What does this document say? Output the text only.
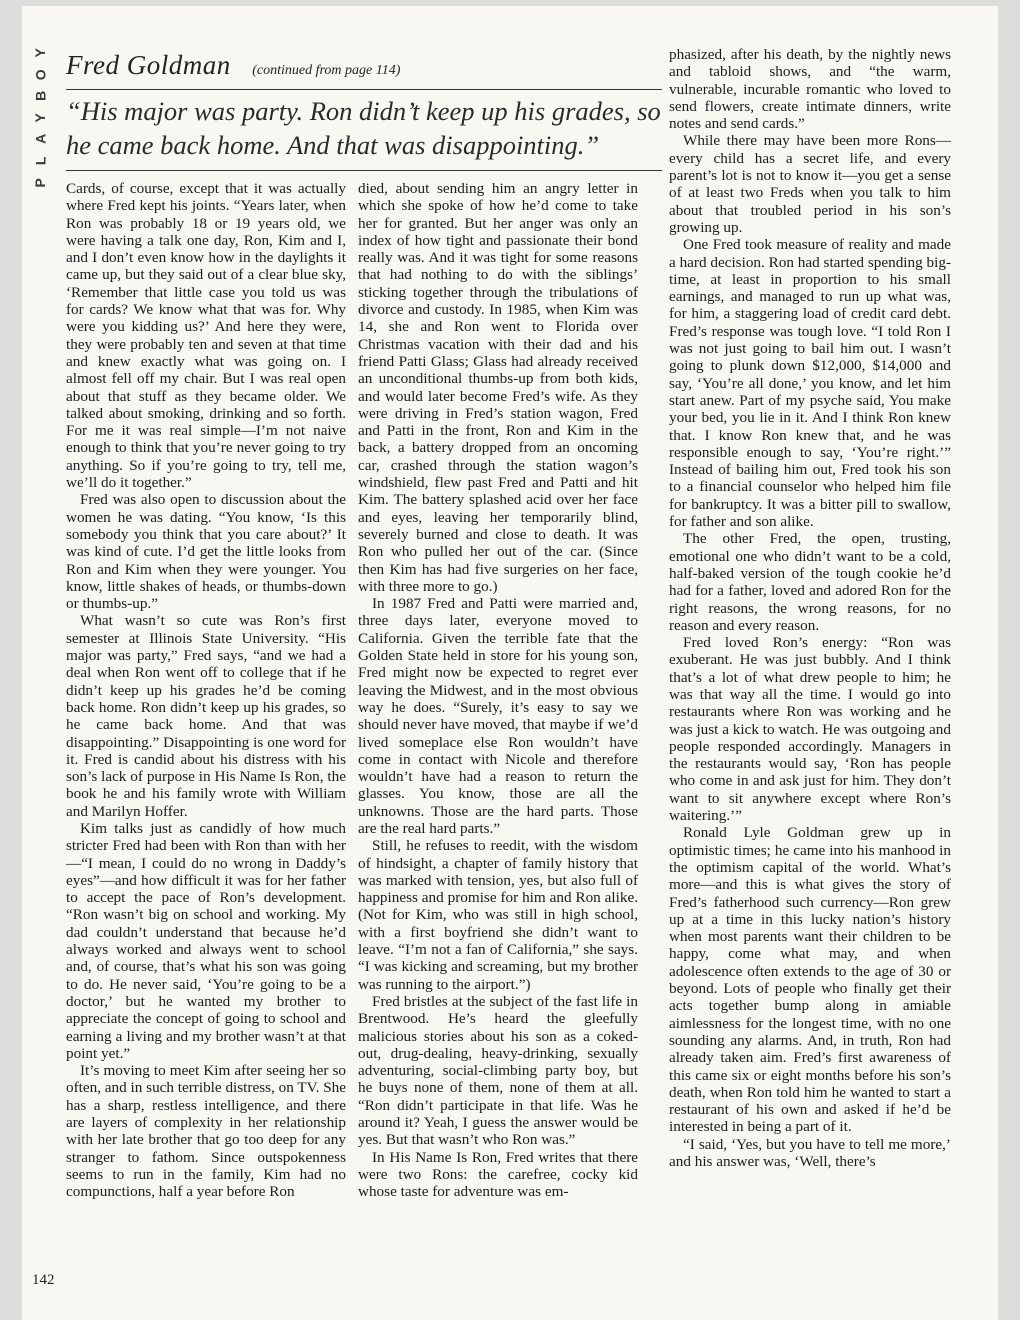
Y
O
B
Y
A
L
P
Fred Goldman (continued from page 114)
“His major was party. Ron didn’t keep up his grades, so he came back home. And that was disappointing.”

Cards, of course, except that it was actually where Fred kept his joints. “Years later, when Ron was probably 18 or 19 years old, we were having a talk one day, Ron, Kim and I, and I don’t even know how in the daylights it came up, but they said out of a clear blue sky, ‘Remember that little case you told us was for cards? We know what that was for. Why were you kidding us?’ And here they were, they were probably ten and seven at that time and knew exactly what was going on. I almost fell off my chair. But I was real open about that stuff as they became older. We talked about smoking, drinking and so forth. For me it was real simple—I’m not naive enough to think that you’re never going to try anything. So if you’re going to try, tell me, we’ll do it together.”

Fred was also open to discussion about the women he was dating. “You know, ‘Is this somebody you think that you care about?’ It was kind of cute. I’d get the little looks from Ron and Kim when they were younger. You know, little shakes of heads, or thumbs-down or thumbs-up.”

What wasn’t so cute was Ron’s first semester at Illinois State University. “His major was party,” Fred says, “and we had a deal when Ron went off to college that if he didn’t keep up his grades he’d be coming back home. Ron didn’t keep up his grades, so he came back home. And that was disappointing.” Disappointing is one word for it. Fred is candid about his distress with his son’s lack of purpose in His Name Is Ron, the book he and his family wrote with William and Marilyn Hoffer.

Kim talks just as candidly of how much stricter Fred had been with Ron than with her—“I mean, I could do no wrong in Daddy’s eyes”—and how difficult it was for her father to accept the pace of Ron’s development. “Ron wasn’t big on school and working. My dad couldn’t understand that because he’d always worked and always went to school and, of course, that’s what his son was going to do. He never said, ‘You’re going to be a doctor,’ but he wanted my brother to appreciate the concept of going to school and earning a living and my brother wasn’t at that point yet.”

It’s moving to meet Kim after seeing her so often, and in such terrible distress, on TV. She has a sharp, restless intelligence, and there are layers of complexity in her relationship with her late brother that go too deep for any stranger to fathom. Since outspokenness seems to run in the family, Kim had no compunctions, half a year before Ron

died, about sending him an angry letter in which she spoke of how he’d come to take her for granted. But her anger was only an index of how tight and passionate their bond really was. And it was tight for some reasons that had nothing to do with the siblings’ sticking together through the tribulations of divorce and custody. In 1985, when Kim was 14, she and Ron went to Florida over Christmas vacation with their dad and his friend Patti Glass; Glass had already received an unconditional thumbs-up from both kids, and would later become Fred’s wife. As they were driving in Fred’s station wagon, Fred and Patti in the front, Ron and Kim in the back, a battery dropped from an oncoming car, crashed through the station wagon’s windshield, flew past Fred and Patti and hit Kim. The battery splashed acid over her face and eyes, leaving her temporarily blind, severely burned and close to death. It was Ron who pulled her out of the car. (Since then Kim has had five surgeries on her face, with three more to go.)

In 1987 Fred and Patti were married and, three days later, everyone moved to California. Given the terrible fate that the Golden State held in store for his young son, Fred might now be expected to regret ever leaving the Midwest, and in the most obvious way he does. “Surely, it’s easy to say we should never have moved, that maybe if we’d lived someplace else Ron wouldn’t have come in contact with Nicole and therefore wouldn’t have had a reason to return the glasses. You know, those are all the unknowns. Those are the hard parts. Those are the real hard parts.”

Still, he refuses to reedit, with the wisdom of hindsight, a chapter of family history that was marked with tension, yes, but also full of happiness and promise for him and Ron alike. (Not for Kim, who was still in high school, with a first boyfriend she didn’t want to leave. “I’m not a fan of California,” she says. “I was kicking and screaming, but my brother was running to the airport.”)

Fred bristles at the subject of the fast life in Brentwood. He’s heard the gleefully malicious stories about his son as a coked-out, drug-dealing, heavy-drinking, sexually adventuring, social-climbing party boy, but he buys none of them, none of them at all. “Ron didn’t participate in that life. Was he around it? Yeah, I guess the answer would be yes. But that wasn’t who Ron was.”

In His Name Is Ron, Fred writes that there were two Rons: the carefree, cocky kid whose taste for adventure was em-

phasized, after his death, by the nightly news and tabloid shows, and “the warm, vulnerable, incurable romantic who loved to send flowers, create intimate dinners, write notes and send cards.”

While there may have been more Rons—every child has a secret life, and every parent’s lot is not to know it—you get a sense of at least two Freds when you talk to him about that troubled period in his son’s growing up.

One Fred took measure of reality and made a hard decision. Ron had started spending big-time, at least in proportion to his small earnings, and managed to run up what was, for him, a staggering load of credit card debt. Fred’s response was tough love. “I told Ron I was not just going to bail him out. I wasn’t going to plunk down $12,000, $14,000 and say, ‘You’re all done,’ you know, and let him start anew. Part of my psyche said, You make your bed, you lie in it. And I think Ron knew that. I know Ron knew that, and he was responsible enough to say, ‘You’re right.’” Instead of bailing him out, Fred took his son to a financial counselor who helped him file for bankruptcy. It was a bitter pill to swallow, for father and son alike.

The other Fred, the open, trusting, emotional one who didn’t want to be a cold, half-baked version of the tough cookie he’d had for a father, loved and adored Ron for the right reasons, the wrong reasons, for no reason and every reason.

Fred loved Ron’s energy: “Ron was exuberant. He was just bubbly. And I think that’s a lot of what drew people to him; he was that way all the time. I would go into restaurants where Ron was working and he was just a kick to watch. He was outgoing and people responded accordingly. Managers in the restaurants would say, ‘Ron has people who come in and ask just for him. They don’t want to sit anywhere except where Ron’s waitering.’”

Ronald Lyle Goldman grew up in optimistic times; he came into his manhood in the optimism capital of the world. What’s more—and this is what gives the story of Fred’s fatherhood such currency—Ron grew up at a time in this lucky nation’s history when most parents want their children to be happy, come what may, and when adolescence often extends to the age of 30 or beyond. Lots of people who finally get their acts together bump along in amiable aimlessness for the longest time, with no one sounding any alarms. And, in truth, Ron had already taken aim. Fred’s first awareness of this came six or eight months before his son’s death, when Ron told him he wanted to start a restaurant of his own and asked if he’d be interested in being a part of it.

“I said, ‘Yes, but you have to tell me more,’ and his answer was, ‘Well, there’s

142
